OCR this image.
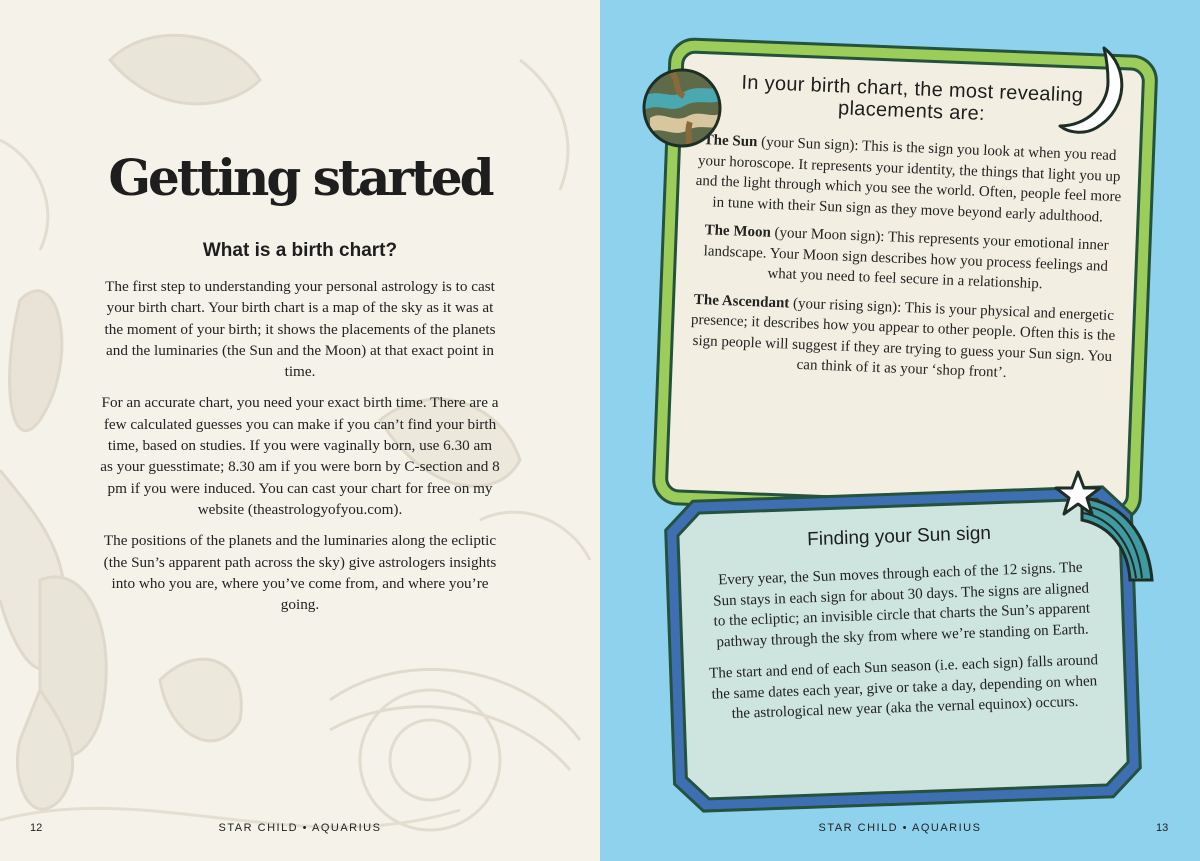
Getting started
What is a birth chart?

The first step to understanding your personal astrology is to cast your birth chart. Your birth chart is a map of the sky as it was at the moment of your birth; it shows the placements of the planets and the luminaries (the Sun and the Moon) at that exact point in time.

For an accurate chart, you need your exact birth time. There are a few calculated guesses you can make if you can’t find your birth time, based on studies. If you were vaginally born, use 6.30 am as your guesstimate; 8.30 am if you were born by C-section and 8 pm if you were induced. You can cast your chart for free on my website (theastrologyofyou.com).

The positions of the planets and the luminaries along the ecliptic (the Sun’s apparent path across the sky) give astrologers insights into who you are, where you’ve come from, and where you’re going.

12	STAR CHILD • AQUARIUS
In your birth chart, the most revealing placements are:

The Sun (your Sun sign): This is the sign you look at when you read your horoscope. It represents your identity, the things that light you up and the light through which you see the world. Often, people feel more in tune with their Sun sign as they move beyond early adulthood.

The Moon (your Moon sign): This represents your emotional inner landscape. Your Moon sign describes how you process feelings and what you need to feel secure in a relationship.

The Ascendant (your rising sign): This is your physical and energetic presence; it describes how you appear to other people. Often this is the sign people will suggest if they are trying to guess your Sun sign. You can think of it as your ‘shop front’.

Finding your Sun sign

Every year, the Sun moves through each of the 12 signs. The Sun stays in each sign for about 30 days. The signs are aligned to the ecliptic; an invisible circle that charts the Sun’s apparent pathway through the sky from where we’re standing on Earth.

The start and end of each Sun season (i.e. each sign) falls around the same dates each year, give or take a day, depending on when the astrological new year (aka the vernal equinox) occurs.

STAR CHILD • AQUARIUS	13
